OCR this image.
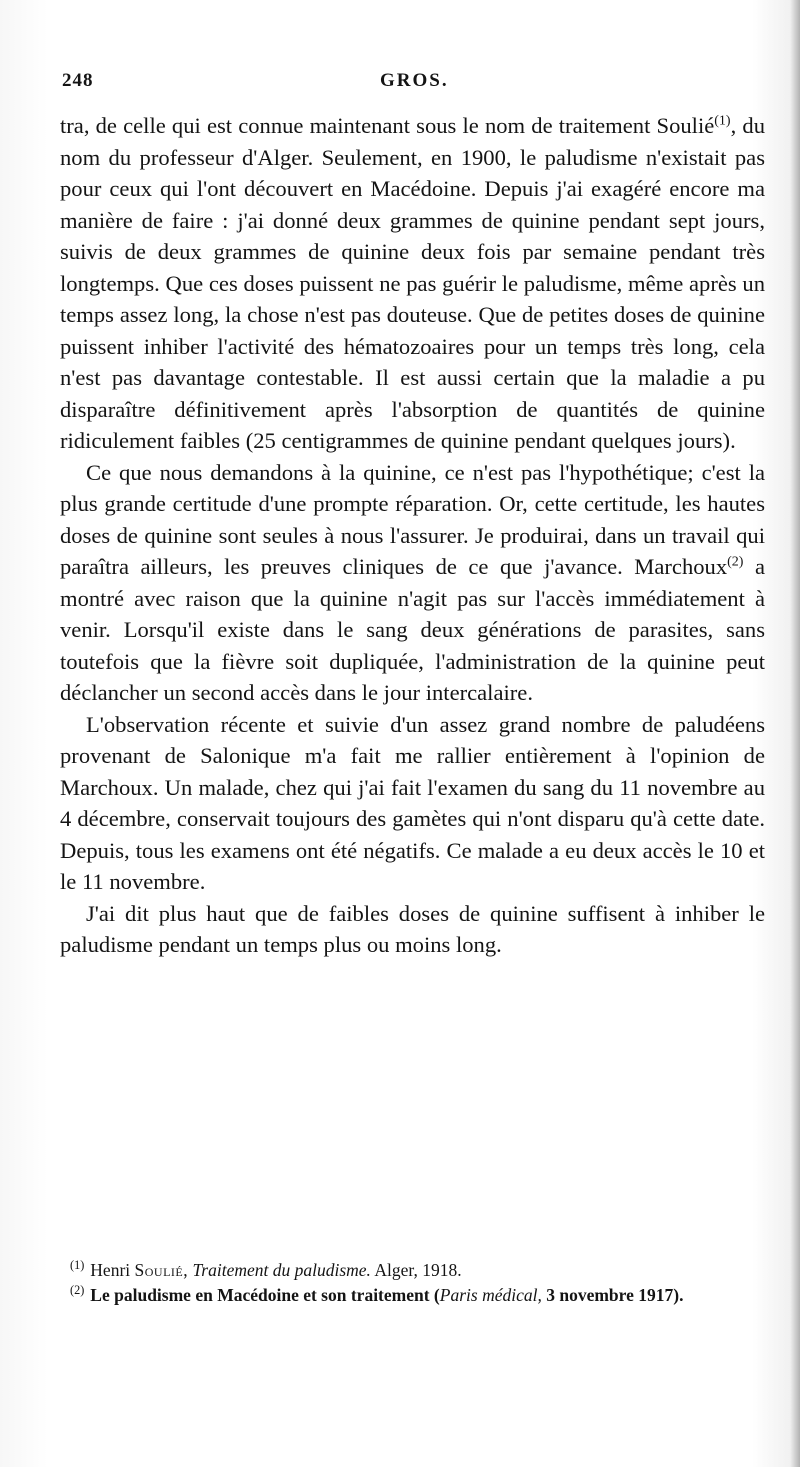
248	GROS.

tra, de celle qui est connue maintenant sous le nom de traitement Soulié$^{(1)}$, du nom du professeur d'Alger. Seulement, en 1900, le paludisme n'existait pas pour ceux qui l'ont découvert en Macédoine. Depuis j'ai exagéré encore ma manière de faire : j'ai donné deux grammes de quinine pendant sept jours, suivis de deux grammes de quinine deux fois par semaine pendant très longtemps. Que ces doses puissent ne pas guérir le paludisme, même après un temps assez long, la chose n'est pas douteuse. Que de petites doses de quinine puissent inhiber l'activité des hématozoaires pour un temps très long, cela n'est pas davantage contestable. Il est aussi certain que la maladie a pu disparaître définitivement après l'absorption de quantités de quinine ridiculement faibles (25 centigrammes de quinine pendant quelques jours).

Ce que nous demandons à la quinine, ce n'est pas l'hypothétique; c'est la plus grande certitude d'une prompte réparation. Or, cette certitude, les hautes doses de quinine sont seules à nous l'assurer. Je produirai, dans un travail qui paraîtra ailleurs, les preuves cliniques de ce que j'avance. Marchoux$^{(2)}$ a montré avec raison que la quinine n'agit pas sur l'accès immédiatement à venir. Lorsqu'il existe dans le sang deux générations de parasites, sans toutefois que la fièvre soit dupliquée, l'administration de la quinine peut déclancher un second accès dans le jour intercalaire.

L'observation récente et suivie d'un assez grand nombre de paludéens provenant de Salonique m'a fait me rallier entièrement à l'opinion de Marchoux. Un malade, chez qui j'ai fait l'examen du sang du 11 novembre au 4 décembre, conservait toujours des gamètes qui n'ont disparu qu'à cette date. Depuis, tous les examens ont été négatifs. Ce malade a eu deux accès le 10 et le 11 novembre.

J'ai dit plus haut que de faibles doses de quinine suffisent à inhiber le paludisme pendant un temps plus ou moins long.

$^{(1)}$ Henri Soulié, Traitement du paludisme. Alger, 1918.

$^{(2)}$ Le paludisme en Macédoine et son traitement (Paris médical, 3 novembre 1917).
